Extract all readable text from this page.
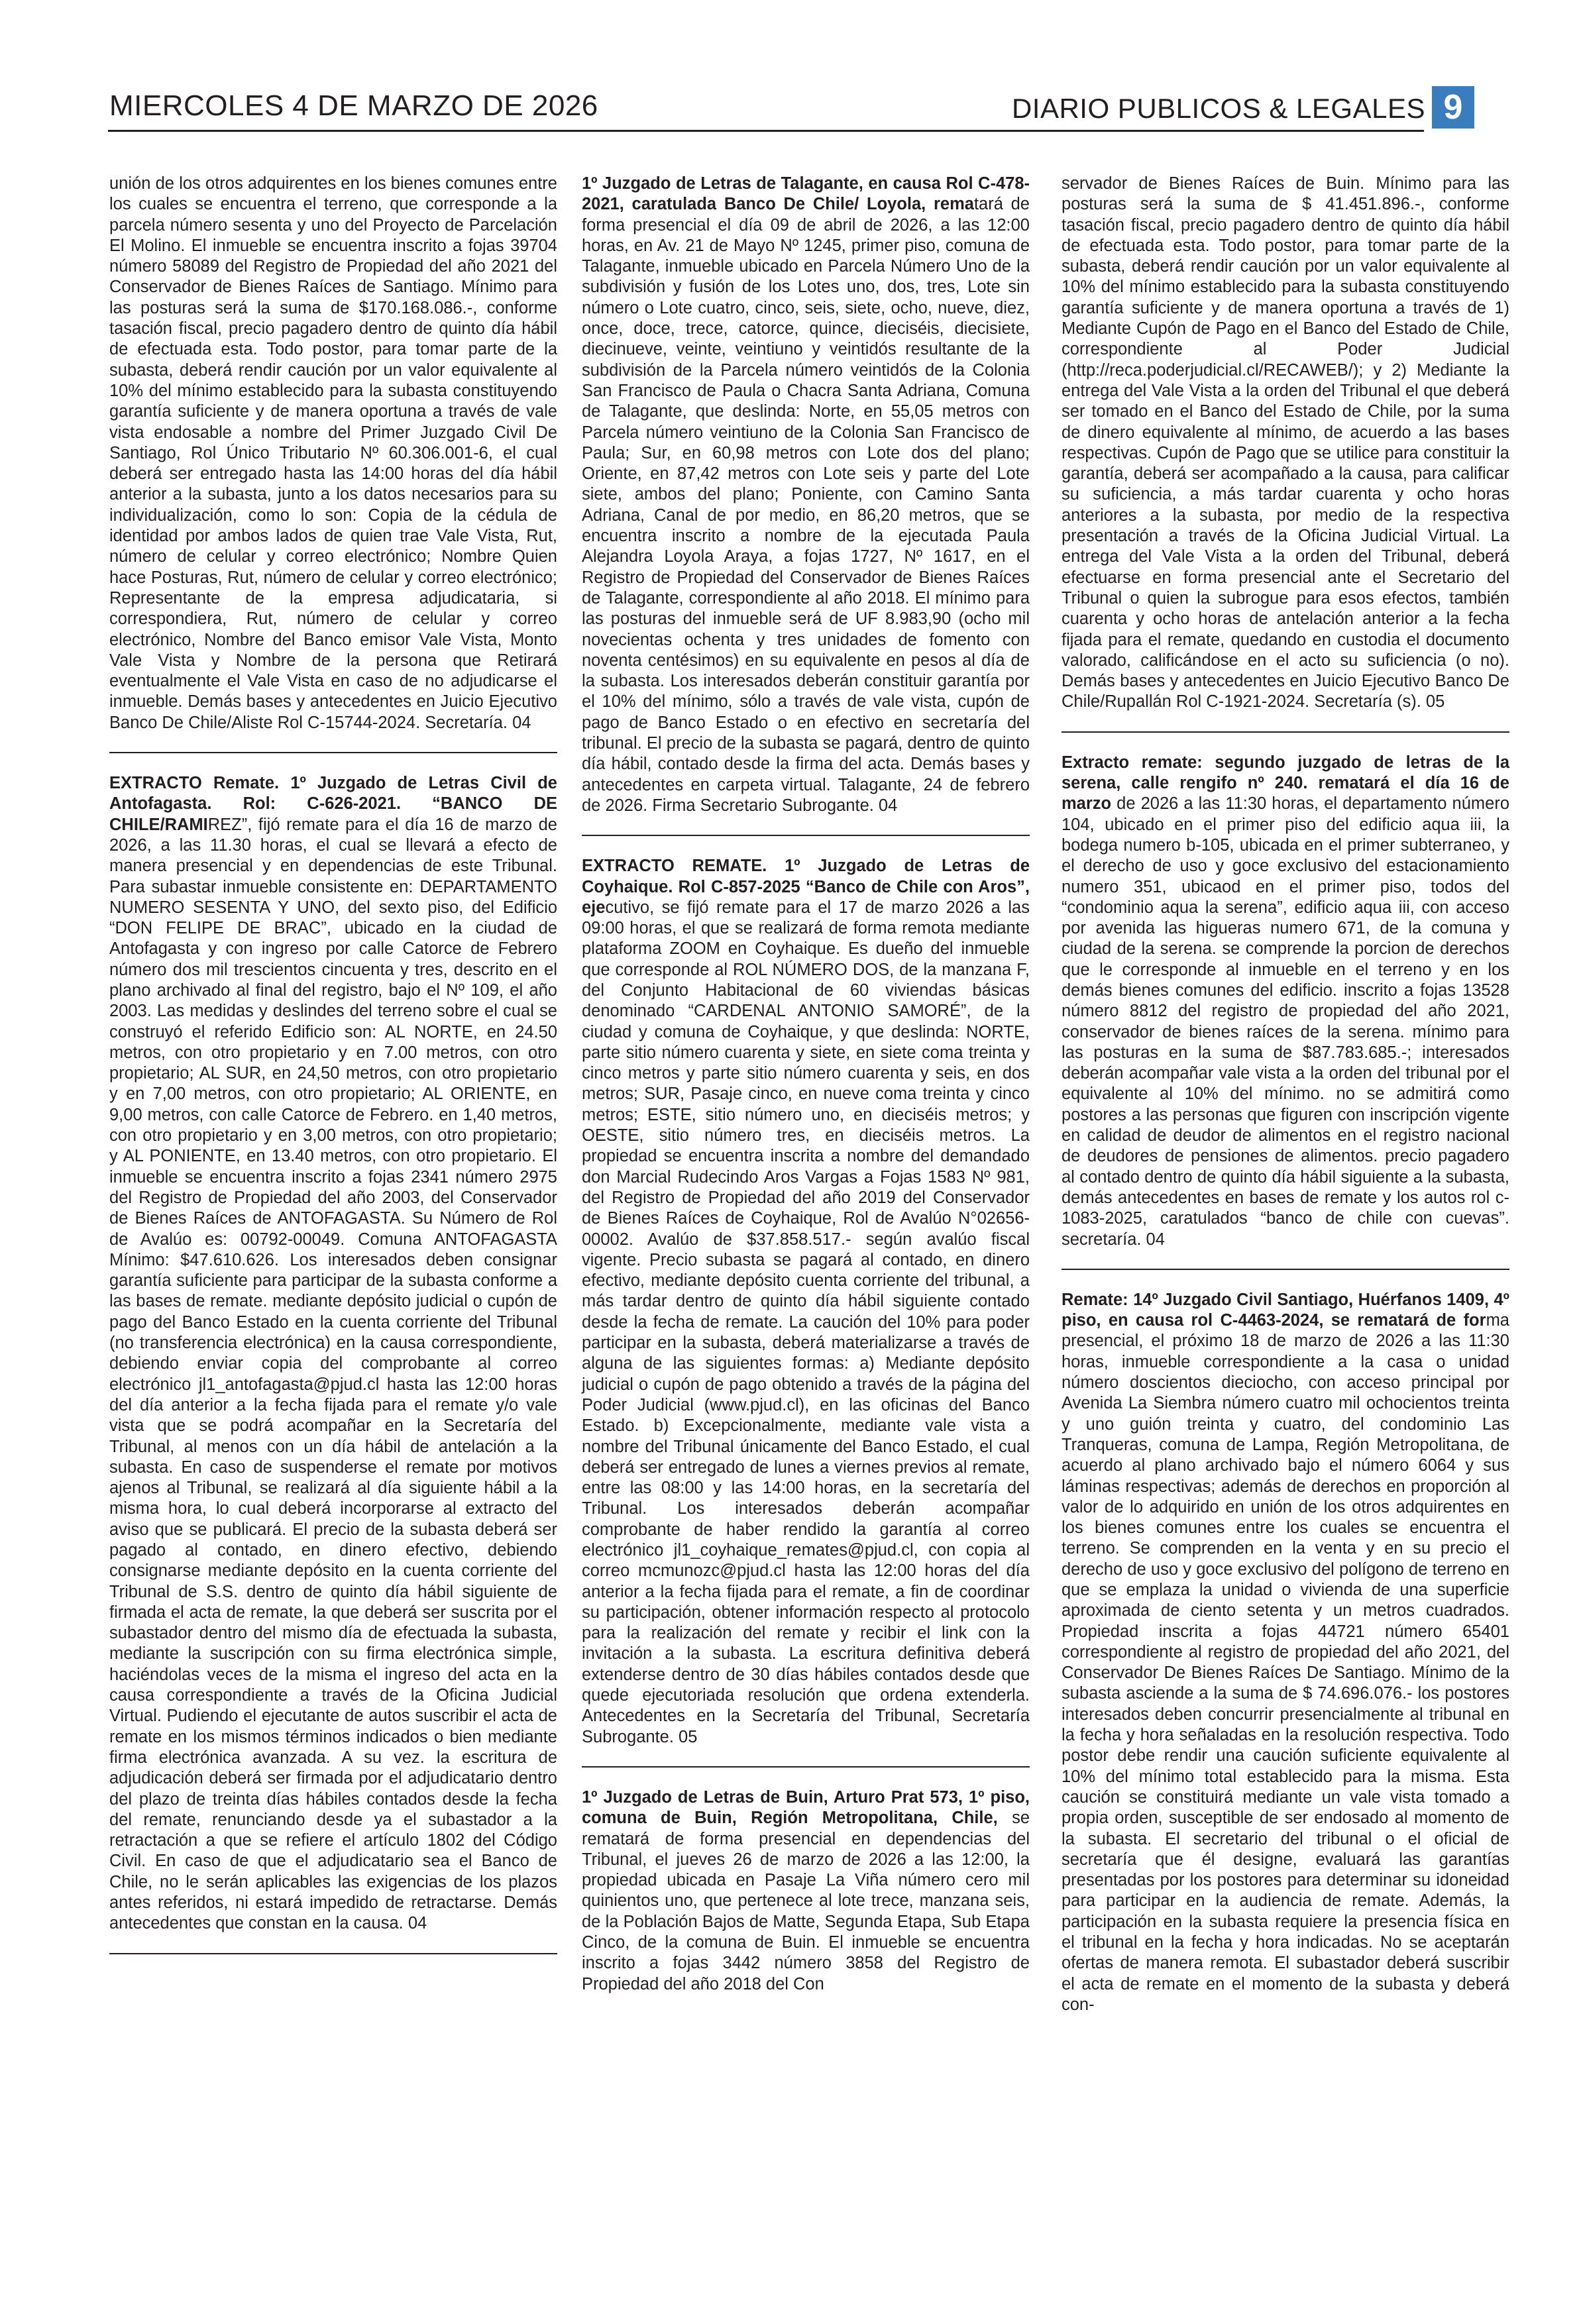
MIERCOLES 4 DE MARZO DE 2026	DIARIO PUBLICOS & LEGALES 9

unión de los otros adquirentes en los bienes comunes entre los cuales se encuentra el terreno, que corresponde a la parcela número sesenta y uno del Proyecto de Parcelación El Molino. El inmueble se encuentra inscrito a fojas 39704 número 58089 del Registro de Propiedad del año 2021 del Conservador de Bienes Raíces de Santiago. Mínimo para las posturas será la suma de $170.168.086.-, conforme tasación fiscal, precio pagadero dentro de quinto día hábil de efectuada esta. Todo postor, para tomar parte de la subasta, deberá rendir caución por un valor equivalente al 10% del mínimo establecido para la subasta constituyendo garantía suficiente y de manera oportuna a través de vale vista endosable a nombre del Primer Juzgado Civil De Santiago, Rol Único Tributario Nº 60.306.001-6, el cual deberá ser entregado hasta las 14:00 horas del día hábil anterior a la subasta, junto a los datos necesarios para su individualización, como lo son: Copia de la cédula de identidad por ambos lados de quien trae Vale Vista, Rut, número de celular y correo electrónico; Nombre Quien hace Posturas, Rut, número de celular y correo electrónico; Representante de la empresa adjudicataria, si correspondiera, Rut, número de celular y correo electrónico, Nombre del Banco emisor Vale Vista, Monto Vale Vista y Nombre de la persona que Retirará eventualmente el Vale Vista en caso de no adjudicarse el inmueble. Demás bases y antecedentes en Juicio Ejecutivo Banco De Chile/Aliste Rol C-15744-2024. Secretaría. 04

EXTRACTO Remate. 1º Juzgado de Letras Civil de Antofagasta. Rol: C-626-2021. “BANCO DE CHILE/RAMIREZ”, fijó remate para el día 16 de marzo de 2026, a las 11.30 horas, el cual se llevará a efecto de manera presencial y en dependencias de este Tribunal. Para subastar inmueble consistente en: DEPARTAMENTO NUMERO SESENTA Y UNO, del sexto piso, del Edificio “DON FELIPE DE BRAC”, ubicado en la ciudad de Antofagasta y con ingreso por calle Catorce de Febrero número dos mil trescientos cincuenta y tres, descrito en el plano archivado al final del registro, bajo el Nº 109, el año 2003. Las medidas y deslindes del terreno sobre el cual se construyó el referido Edificio son: AL NORTE, en 24.50 metros, con otro propietario y en 7.00 metros, con otro propietario; AL SUR, en 24,50 metros, con otro propietario y en 7,00 metros, con otro propietario; AL ORIENTE, en 9,00 metros, con calle Catorce de Febrero. en 1,40 metros, con otro propietario y en 3,00 metros, con otro propietario; y AL PONIENTE, en 13.40 metros, con otro propietario. El inmueble se encuentra inscrito a fojas 2341 número 2975 del Registro de Propiedad del año 2003, del Conservador de Bienes Raíces de ANTOFAGASTA. Su Número de Rol de Avalúo es: 00792-00049. Comuna ANTOFAGASTA Mínimo: $47.610.626. Los interesados deben consignar garantía suficiente para participar de la subasta conforme a las bases de remate. mediante depósito judicial o cupón de pago del Banco Estado en la cuenta corriente del Tribunal (no transferencia electrónica) en la causa correspondiente, debiendo enviar copia del comprobante al correo electrónico jl1_antofagasta@pjud.cl hasta las 12:00 horas del día anterior a la fecha fijada para el remate y/o vale vista que se podrá acompañar en la Secretaría del Tribunal, al menos con un día hábil de antelación a la subasta. En caso de suspenderse el remate por motivos ajenos al Tribunal, se realizará al día siguiente hábil a la misma hora, lo cual deberá incorporarse al extracto del aviso que se publicará. El precio de la subasta deberá ser pagado al contado, en dinero efectivo, debiendo consignarse mediante depósito en la cuenta corriente del Tribunal de S.S. dentro de quinto día hábil siguiente de firmada el acta de remate, la que deberá ser suscrita por el subastador dentro del mismo día de efectuada la subasta, mediante la suscripción con su firma electrónica simple, haciéndolas veces de la misma el ingreso del acta en la causa correspondiente a través de la Oficina Judicial Virtual. Pudiendo el ejecutante de autos suscribir el acta de remate en los mismos términos indicados o bien mediante firma electrónica avanzada. A su vez. la escritura de adjudicación deberá ser firmada por el adjudicatario dentro del plazo de treinta días hábiles contados desde la fecha del remate, renunciando desde ya el subastador a la retractación a que se refiere el artículo 1802 del Código Civil. En caso de que el adjudicatario sea el Banco de Chile, no le serán aplicables las exigencias de los plazos antes referidos, ni estará impedido de retractarse. Demás antecedentes que constan en la causa. 04

1º Juzgado de Letras de Talagante, en causa Rol C-478-2021, caratulada Banco De Chile/ Loyola, rematará de forma presencial el día 09 de abril de 2026, a las 12:00 horas, en Av. 21 de Mayo Nº 1245, primer piso, comuna de Talagante, inmueble ubicado en Parcela Número Uno de la subdivisión y fusión de los Lotes uno, dos, tres, Lote sin número o Lote cuatro, cinco, seis, siete, ocho, nueve, diez, once, doce, trece, catorce, quince, dieciséis, diecisiete, diecinueve, veinte, veintiuno y veintidós resultante de la subdivisión de la Parcela número veintidós de la Colonia San Francisco de Paula o Chacra Santa Adriana, Comuna de Talagante, que deslinda: Norte, en 55,05 metros con Parcela número veintiuno de la Colonia San Francisco de Paula; Sur, en 60,98 metros con Lote dos del plano; Oriente, en 87,42 metros con Lote seis y parte del Lote siete, ambos del plano; Poniente, con Camino Santa Adriana, Canal de por medio, en 86,20 metros, que se encuentra inscrito a nombre de la ejecutada Paula Alejandra Loyola Araya, a fojas 1727, Nº 1617, en el Registro de Propiedad del Conservador de Bienes Raíces de Talagante, correspondiente al año 2018. El mínimo para las posturas del inmueble será de UF 8.983,90 (ocho mil novecientas ochenta y tres unidades de fomento con noventa centésimos) en su equivalente en pesos al día de la subasta. Los interesados deberán constituir garantía por el 10% del mínimo, sólo a través de vale vista, cupón de pago de Banco Estado o en efectivo en secretaría del tribunal. El precio de la subasta se pagará, dentro de quinto día hábil, contado desde la firma del acta. Demás bases y antecedentes en carpeta virtual. Talagante, 24 de febrero de 2026. Firma Secretario Subrogante. 04

EXTRACTO REMATE. 1º Juzgado de Letras de Coyhaique. Rol C-857-2025 “Banco de Chile con Aros”, ejecutivo, se fijó remate para el 17 de marzo 2026 a las 09:00 horas, el que se realizará de forma remota mediante plataforma ZOOM en Coyhaique. Es dueño del inmueble que corresponde al ROL NÚMERO DOS, de la manzana F, del Conjunto Habitacional de 60 viviendas básicas denominado “CARDENAL ANTONIO SAMORÉ”, de la ciudad y comuna de Coyhaique, y que deslinda: NORTE, parte sitio número cuarenta y siete, en siete coma treinta y cinco metros y parte sitio número cuarenta y seis, en dos metros; SUR, Pasaje cinco, en nueve coma treinta y cinco metros; ESTE, sitio número uno, en dieciséis metros; y OESTE, sitio número tres, en dieciséis metros. La propiedad se encuentra inscrita a nombre del demandado don Marcial Rudecindo Aros Vargas a Fojas 1583 Nº 981, del Registro de Propiedad del año 2019 del Conservador de Bienes Raíces de Coyhaique, Rol de Avalúo N°02656-00002. Avalúo de $37.858.517.- según avalúo fiscal vigente. Precio subasta se pagará al contado, en dinero efectivo, mediante depósito cuenta corriente del tribunal, a más tardar dentro de quinto día hábil siguiente contado desde la fecha de remate. La caución del 10% para poder participar en la subasta, deberá materializarse a través de alguna de las siguientes formas: a) Mediante depósito judicial o cupón de pago obtenido a través de la página del Poder Judicial (www.pjud.cl), en las oficinas del Banco Estado. b) Excepcionalmente, mediante vale vista a nombre del Tribunal únicamente del Banco Estado, el cual deberá ser entregado de lunes a viernes previos al remate, entre las 08:00 y las 14:00 horas, en la secretaría del Tribunal. Los interesados deberán acompañar comprobante de haber rendido la garantía al correo electrónico jl1_coyhaique_remates@pjud.cl, con copia al correo mcmunozc@pjud.cl hasta las 12:00 horas del día anterior a la fecha fijada para el remate, a fin de coordinar su participación, obtener información respecto al protocolo para la realización del remate y recibir el link con la invitación a la subasta. La escritura definitiva deberá extenderse dentro de 30 días hábiles contados desde que quede ejecutoriada resolución que ordena extenderla. Antecedentes en la Secretaría del Tribunal, Secretaría Subrogante. 05

1º Juzgado de Letras de Buin, Arturo Prat 573, 1º piso, comuna de Buin, Región Metropolitana, Chile, se rematará de forma presencial en dependencias del Tribunal, el jueves 26 de marzo de 2026 a las 12:00, la propiedad ubicada en Pasaje La Viña número cero mil quinientos uno, que pertenece al lote trece, manzana seis, de la Población Bajos de Matte, Segunda Etapa, Sub Etapa Cinco, de la comuna de Buin. El inmueble se encuentra inscrito a fojas 3442 número 3858 del Registro de Propiedad del año 2018 del Con

servador de Bienes Raíces de Buin. Mínimo para las posturas será la suma de $ 41.451.896.-, conforme tasación fiscal, precio pagadero dentro de quinto día hábil de efectuada esta. Todo postor, para tomar parte de la subasta, deberá rendir caución por un valor equivalente al 10% del mínimo establecido para la subasta constituyendo garantía suficiente y de manera oportuna a través de 1) Mediante Cupón de Pago en el Banco del Estado de Chile, correspondiente al Poder Judicial (http://reca.poderjudicial.cl/RECAWEB/); y 2) Mediante la entrega del Vale Vista a la orden del Tribunal el que deberá ser tomado en el Banco del Estado de Chile, por la suma de dinero equivalente al mínimo, de acuerdo a las bases respectivas. Cupón de Pago que se utilice para constituir la garantía, deberá ser acompañado a la causa, para calificar su suficiencia, a más tardar cuarenta y ocho horas anteriores a la subasta, por medio de la respectiva presentación a través de la Oficina Judicial Virtual. La entrega del Vale Vista a la orden del Tribunal, deberá efectuarse en forma presencial ante el Secretario del Tribunal o quien la subrogue para esos efectos, también cuarenta y ocho horas de antelación anterior a la fecha fijada para el remate, quedando en custodia el documento valorado, calificándose en el acto su suficiencia (o no). Demás bases y antecedentes en Juicio Ejecutivo Banco De Chile/Rupallán Rol C-1921-2024. Secretaría (s). 05

Extracto remate: segundo juzgado de letras de la serena, calle rengifo nº 240. rematará el día 16 de marzo de 2026 a las 11:30 horas, el departamento número 104, ubicado en el primer piso del edificio aqua iii, la bodega numero b-105, ubicada en el primer subterraneo, y el derecho de uso y goce exclusivo del estacionamiento numero 351, ubicaod en el primer piso, todos del “condominio aqua la serena”, edificio aqua iii, con acceso por avenida las higueras numero 671, de la comuna y ciudad de la serena. se comprende la porcion de derechos que le corresponde al inmueble en el terreno y en los demás bienes comunes del edificio. inscrito a fojas 13528 número 8812 del registro de propiedad del año 2021, conservador de bienes raíces de la serena. mínimo para las posturas en la suma de $87.783.685.-; interesados deberán acompañar vale vista a la orden del tribunal por el equivalente al 10% del mínimo. no se admitirá como postores a las personas que figuren con inscripción vigente en calidad de deudor de alimentos en el registro nacional de deudores de pensiones de alimentos. precio pagadero al contado dentro de quinto día hábil siguiente a la subasta, demás antecedentes en bases de remate y los autos rol c-1083-2025, caratulados “banco de chile con cuevas”. secretaría. 04

Remate: 14º Juzgado Civil Santiago, Huérfanos 1409, 4º piso, en causa rol C-4463-2024, se rematará de forma presencial, el próximo 18 de marzo de 2026 a las 11:30 horas, inmueble correspondiente a la casa o unidad número doscientos dieciocho, con acceso principal por Avenida La Siembra número cuatro mil ochocientos treinta y uno guión treinta y cuatro, del condominio Las Tranqueras, comuna de Lampa, Región Metropolitana, de acuerdo al plano archivado bajo el número 6064 y sus láminas respectivas; además de derechos en proporción al valor de lo adquirido en unión de los otros adquirentes en los bienes comunes entre los cuales se encuentra el terreno. Se comprenden en la venta y en su precio el derecho de uso y goce exclusivo del polígono de terreno en que se emplaza la unidad o vivienda de una superficie aproximada de ciento setenta y un metros cuadrados. Propiedad inscrita a fojas 44721 número 65401 correspondiente al registro de propiedad del año 2021, del Conservador De Bienes Raíces De Santiago. Mínimo de la subasta asciende a la suma de $ 74.696.076.- los postores interesados deben concurrir presencialmente al tribunal en la fecha y hora señaladas en la resolución respectiva. Todo postor debe rendir una caución suficiente equivalente al 10% del mínimo total establecido para la misma. Esta caución se constituirá mediante un vale vista tomado a propia orden, susceptible de ser endosado al momento de la subasta. El secretario del tribunal o el oficial de secretaría que él designe, evaluará las garantías presentadas por los postores para determinar su idoneidad para participar en la audiencia de remate. Además, la participación en la subasta requiere la presencia física en el tribunal en la fecha y hora indicadas. No se aceptarán ofertas de manera remota. El subastador deberá suscribir el acta de remate en el momento de la subasta y deberá con-
